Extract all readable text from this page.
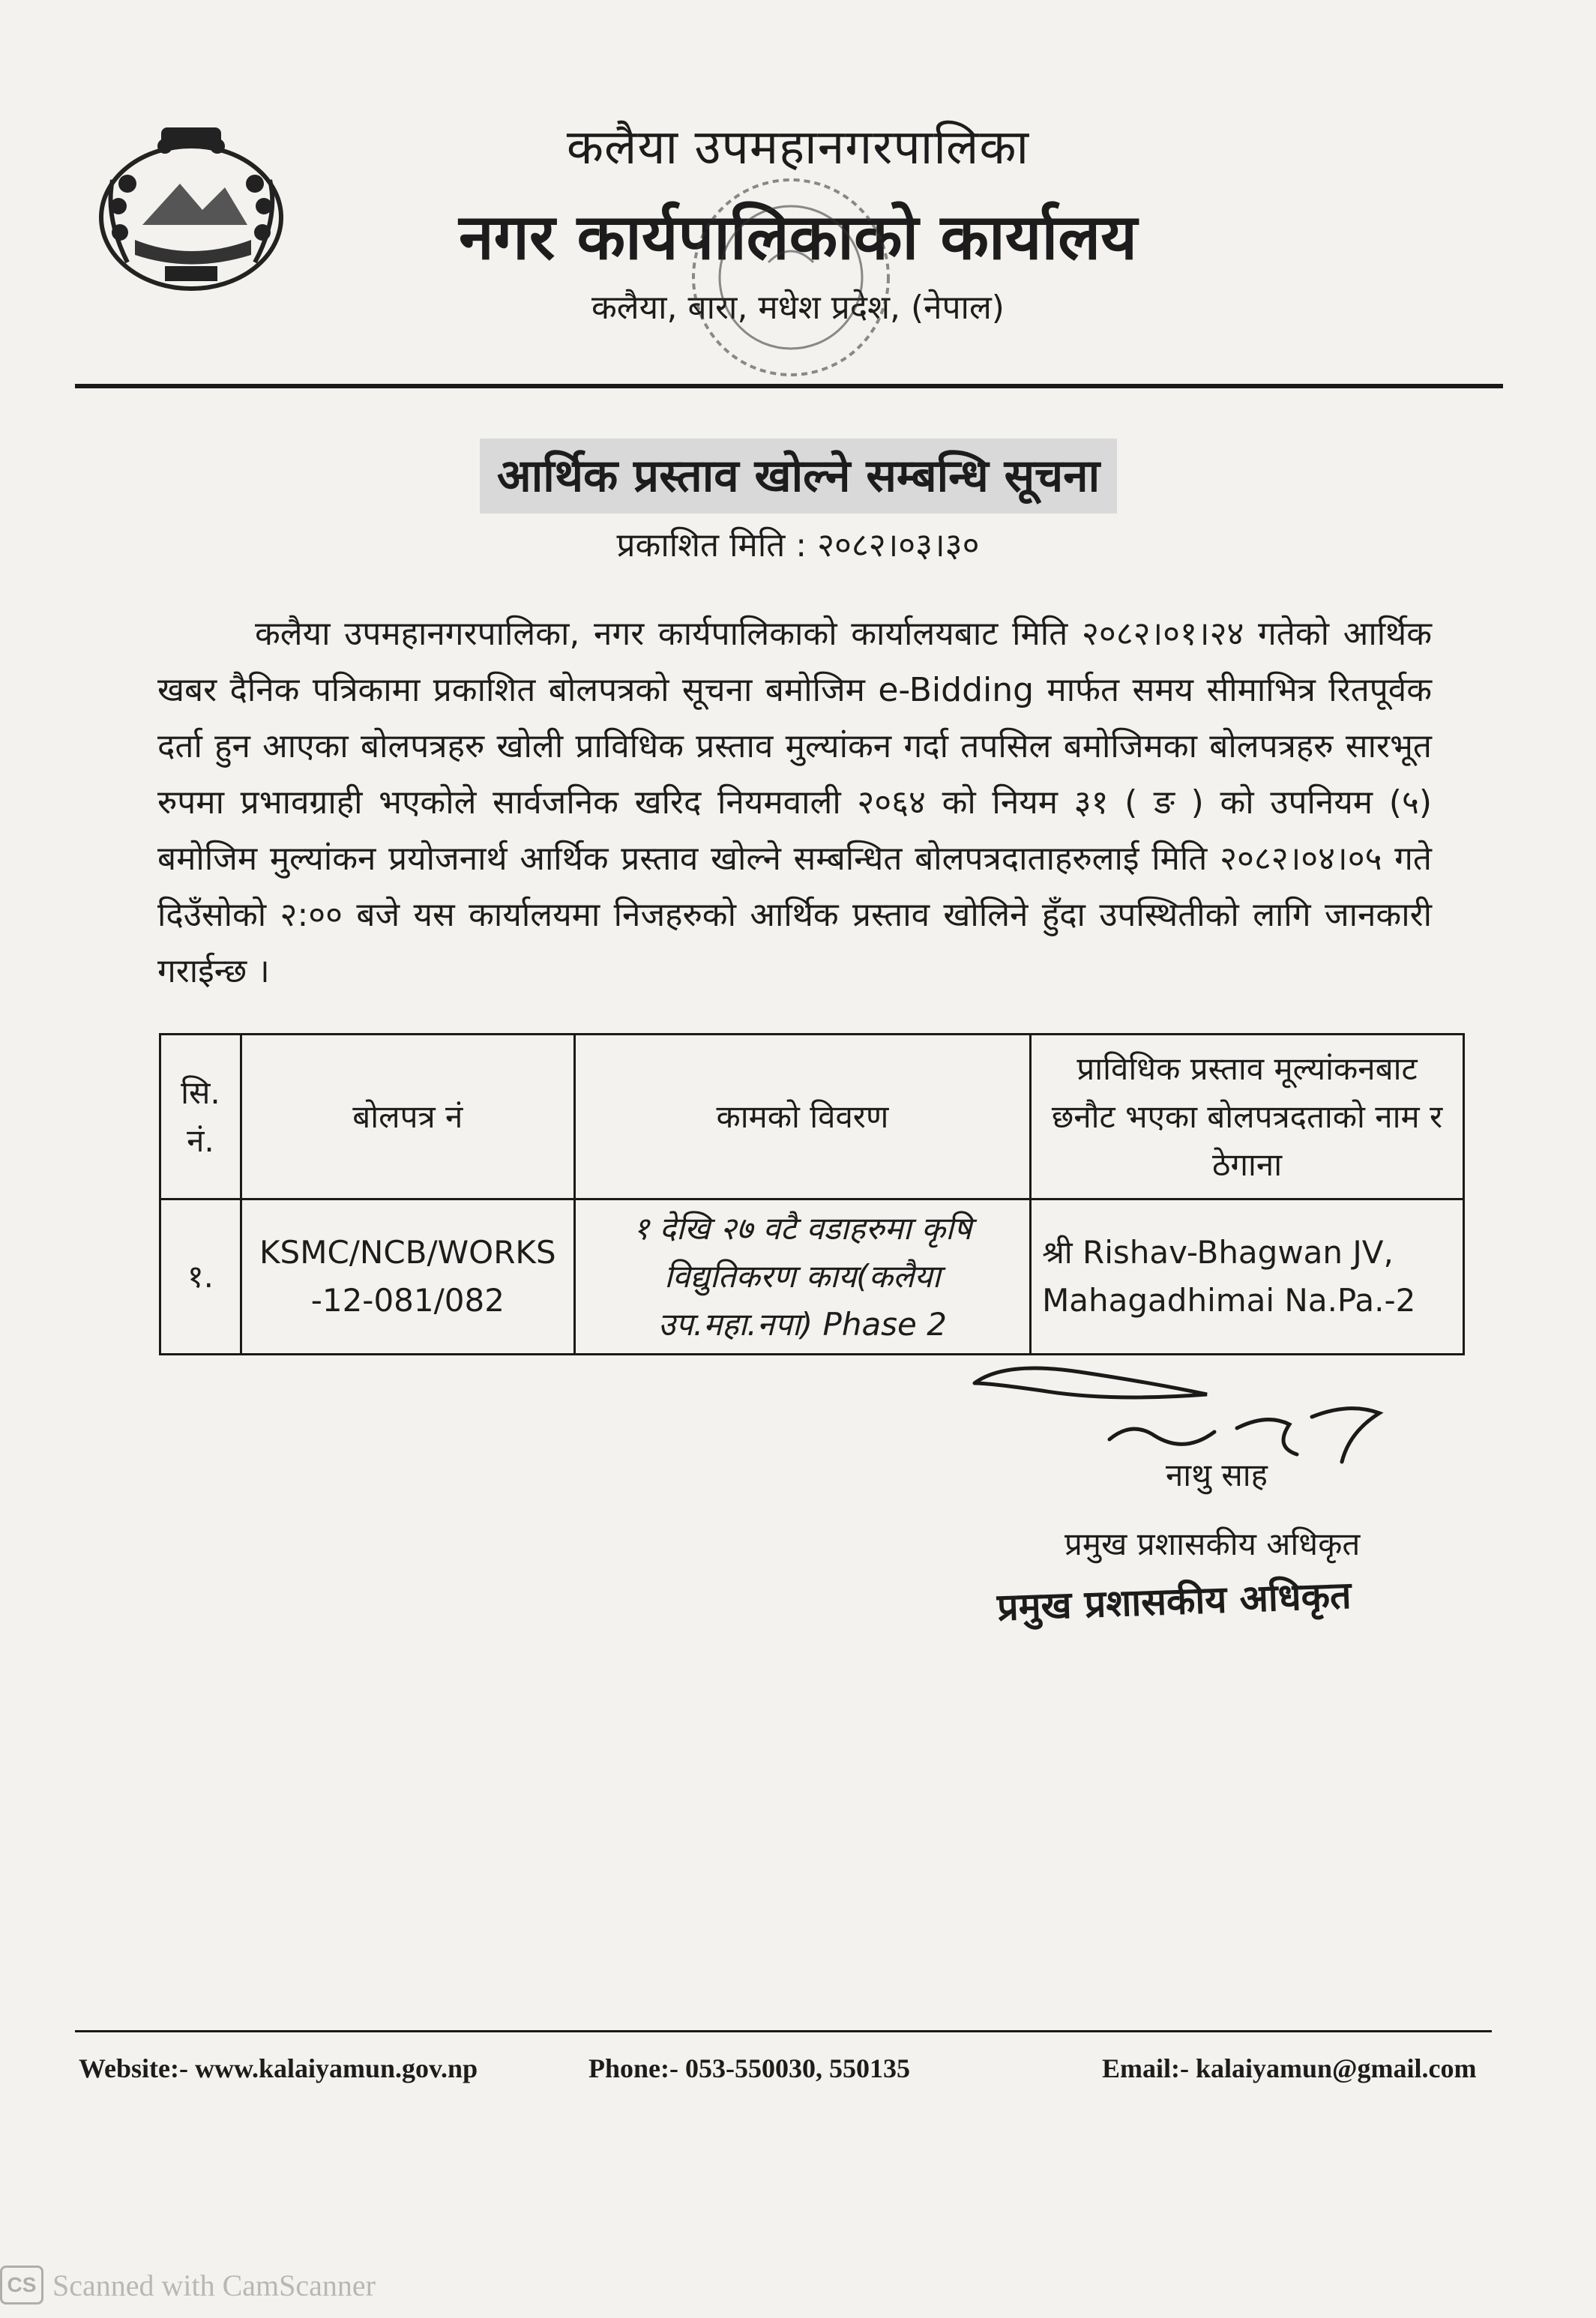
कलैया उपमहानगरपालिका
नगर कार्यपालिकाको कार्यालय
कलैया, बारा, मधेश प्रदेश, (नेपाल)
आर्थिक प्रस्ताव खोल्ने सम्बन्धि सूचना
प्रकाशित मिति : २०८२।०३।३०

कलैया उपमहानगरपालिका, नगर कार्यपालिकाको कार्यालयबाट मिति २०८२।०१।२४ गतेको आर्थिक खबर दैनिक पत्रिकामा प्रकाशित बोलपत्रको सूचना बमोजिम e-Bidding मार्फत समय सीमाभित्र रितपूर्वक दर्ता हुन आएका बोलपत्रहरु खोली प्राविधिक प्रस्ताव मुल्यांकन गर्दा तपसिल बमोजिमका बोलपत्रहरु सारभूत रुपमा प्रभावग्राही भएकोले सार्वजनिक खरिद नियमवाली २०६४ को नियम ३१ ( ङ ) को उपनियम (५) बमोजिम मुल्यांकन प्रयोजनार्थ आर्थिक प्रस्ताव खोल्ने सम्बन्धित बोलपत्रदाताहरुलाई मिति २०८२।०४।०५ गते दिउँसोको २:०० बजे यस कार्यालयमा निजहरुको आर्थिक प्रस्ताव खोलिने हुँदा उपस्थितीको लागि जानकारी गराईन्छ ।

सि. नं.	बोलपत्र नं	कामको विवरण	प्राविधिक प्रस्ताव मूल्यांकनबाट छनौट भएका बोलपत्रदताको नाम र ठेगाना
१.	KSMC/NCB/WORKS -12-081/082	१ देखि २७ वटै वडाहरुमा कृषि विद्युतिकरण काय(कलैया उप.महा.नपा) Phase 2	श्री Rishav-Bhagwan JV, Mahagadhimai Na.Pa.-2
नाथु साह
प्रमुख प्रशासकीय अधिकृत
प्रमुख प्रशासकीय अधिकृत
Website:- www.kalaiyamun.gov.np	Phone:- 053-550030, 550135	Email:- kalaiyamun@gmail.com
CS Scanned with CamScanner
